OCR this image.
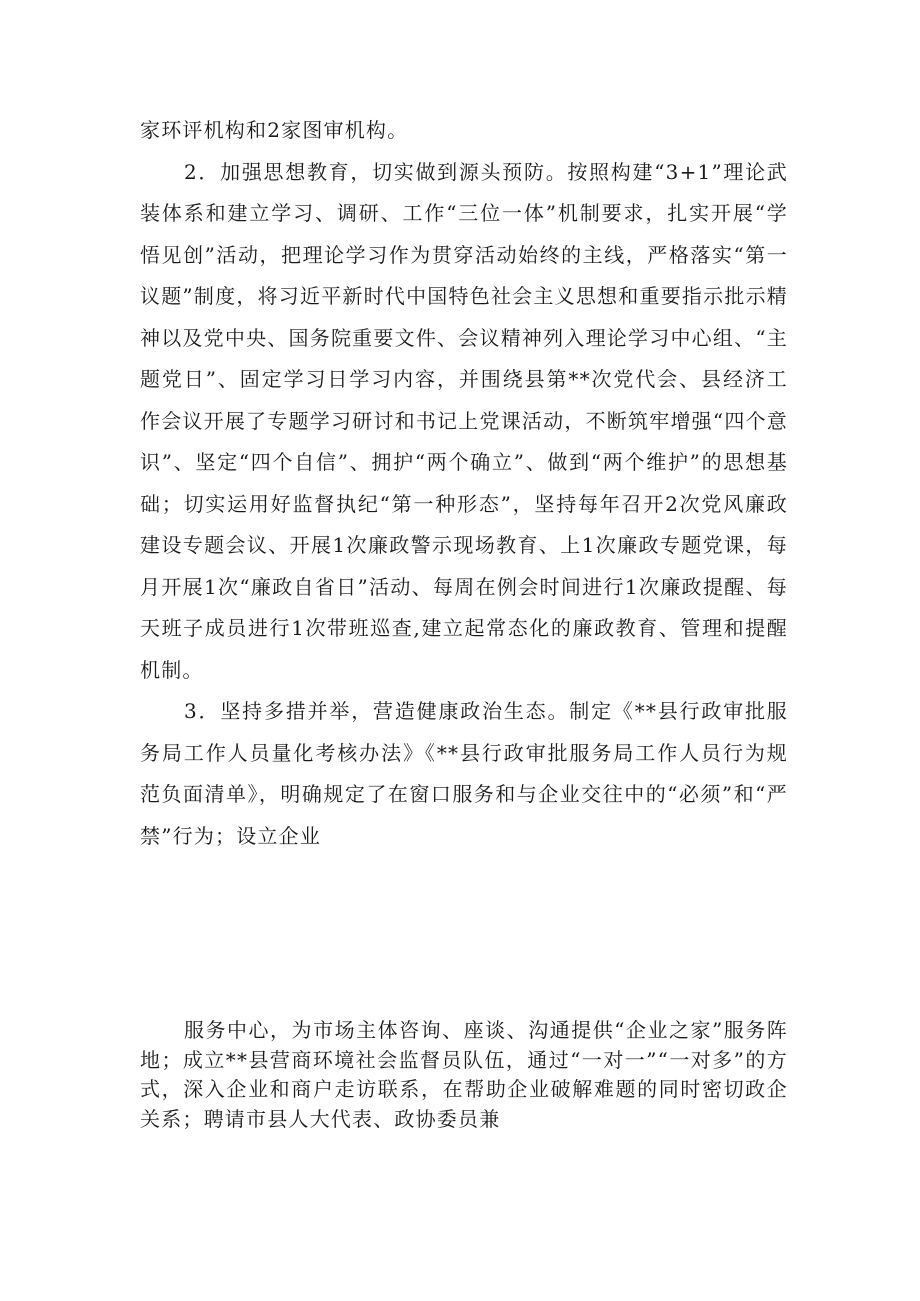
家环评机构和2家图审机构。

2．加强思想教育，切实做到源头预防。按照构建“3+1”理论武装体系和建立学习、调研、工作“三位一体”机制要求，扎实开展“学悟见创”活动，把理论学习作为贯穿活动始终的主线，严格落实“第一议题”制度，将习近平新时代中国特色社会主义思想和重要指示批示精神以及党中央、国务院重要文件、会议精神列入理论学习中心组、“主题党日”、固定学习日学习内容，并围绕县第**次党代会、县经济工作会议开展了专题学习研讨和书记上党课活动，不断筑牢增强“四个意识”、坚定“四个自信”、拥护“两个确立”、做到“两个维护”的思想基础；切实运用好监督执纪“第一种形态”，坚持每年召开2次党风廉政建设专题会议、开展1次廉政警示现场教育、上1次廉政专题党课，每月开展1次“廉政自省日”活动、每周在例会时间进行1次廉政提醒、每天班子成员进行1次带班巡查,建立起常态化的廉政教育、管理和提醒机制。

3．坚持多措并举，营造健康政治生态。制定《**县行政审批服务局工作人员量化考核办法》《**县行政审批服务局工作人员行为规范负面清单》，明确规定了在窗口服务和与企业交往中的“必须”和“严禁”行为；设立企业

服务中心，为市场主体咨询、座谈、沟通提供“企业之家”服务阵地；成立**县营商环境社会监督员队伍，通过“一对一”“一对多”的方式，深入企业和商户走访联系，在帮助企业破解难题的同时密切政企关系；聘请市县人大代表、政协委员兼
